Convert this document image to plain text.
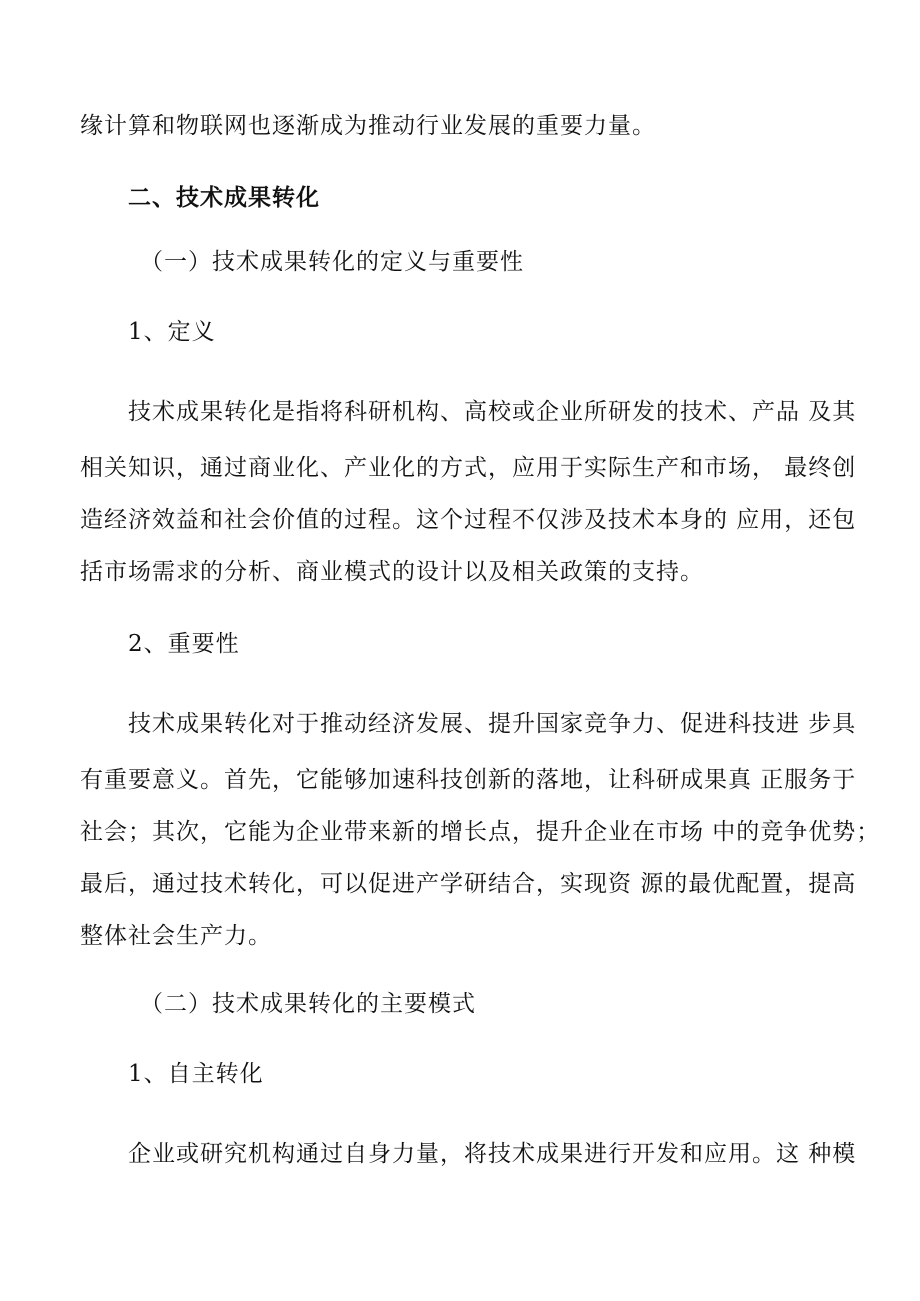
缘计算和物联网也逐渐成为推动行业发展的重要力量。
二、技术成果转化
（一）技术成果转化的定义与重要性
1、定义
技术成果转化是指将科研机构、高校或企业所研发的技术、产品 及其
相关知识，通过商业化、产业化的方式，应用于实际生产和市场， 最终创
造经济效益和社会价值的过程。这个过程不仅涉及技术本身的 应用，还包
括市场需求的分析、商业模式的设计以及相关政策的支持。
2、重要性
技术成果转化对于推动经济发展、提升国家竞争力、促进科技进 步具
有重要意义。首先，它能够加速科技创新的落地，让科研成果真 正服务于
社会；其次，它能为企业带来新的增长点，提升企业在市场 中的竞争优势；
最后，通过技术转化，可以促进产学研结合，实现资 源的最优配置，提高
整体社会生产力。
（二）技术成果转化的主要模式
1、自主转化
企业或研究机构通过自身力量，将技术成果进行开发和应用。这 种模
